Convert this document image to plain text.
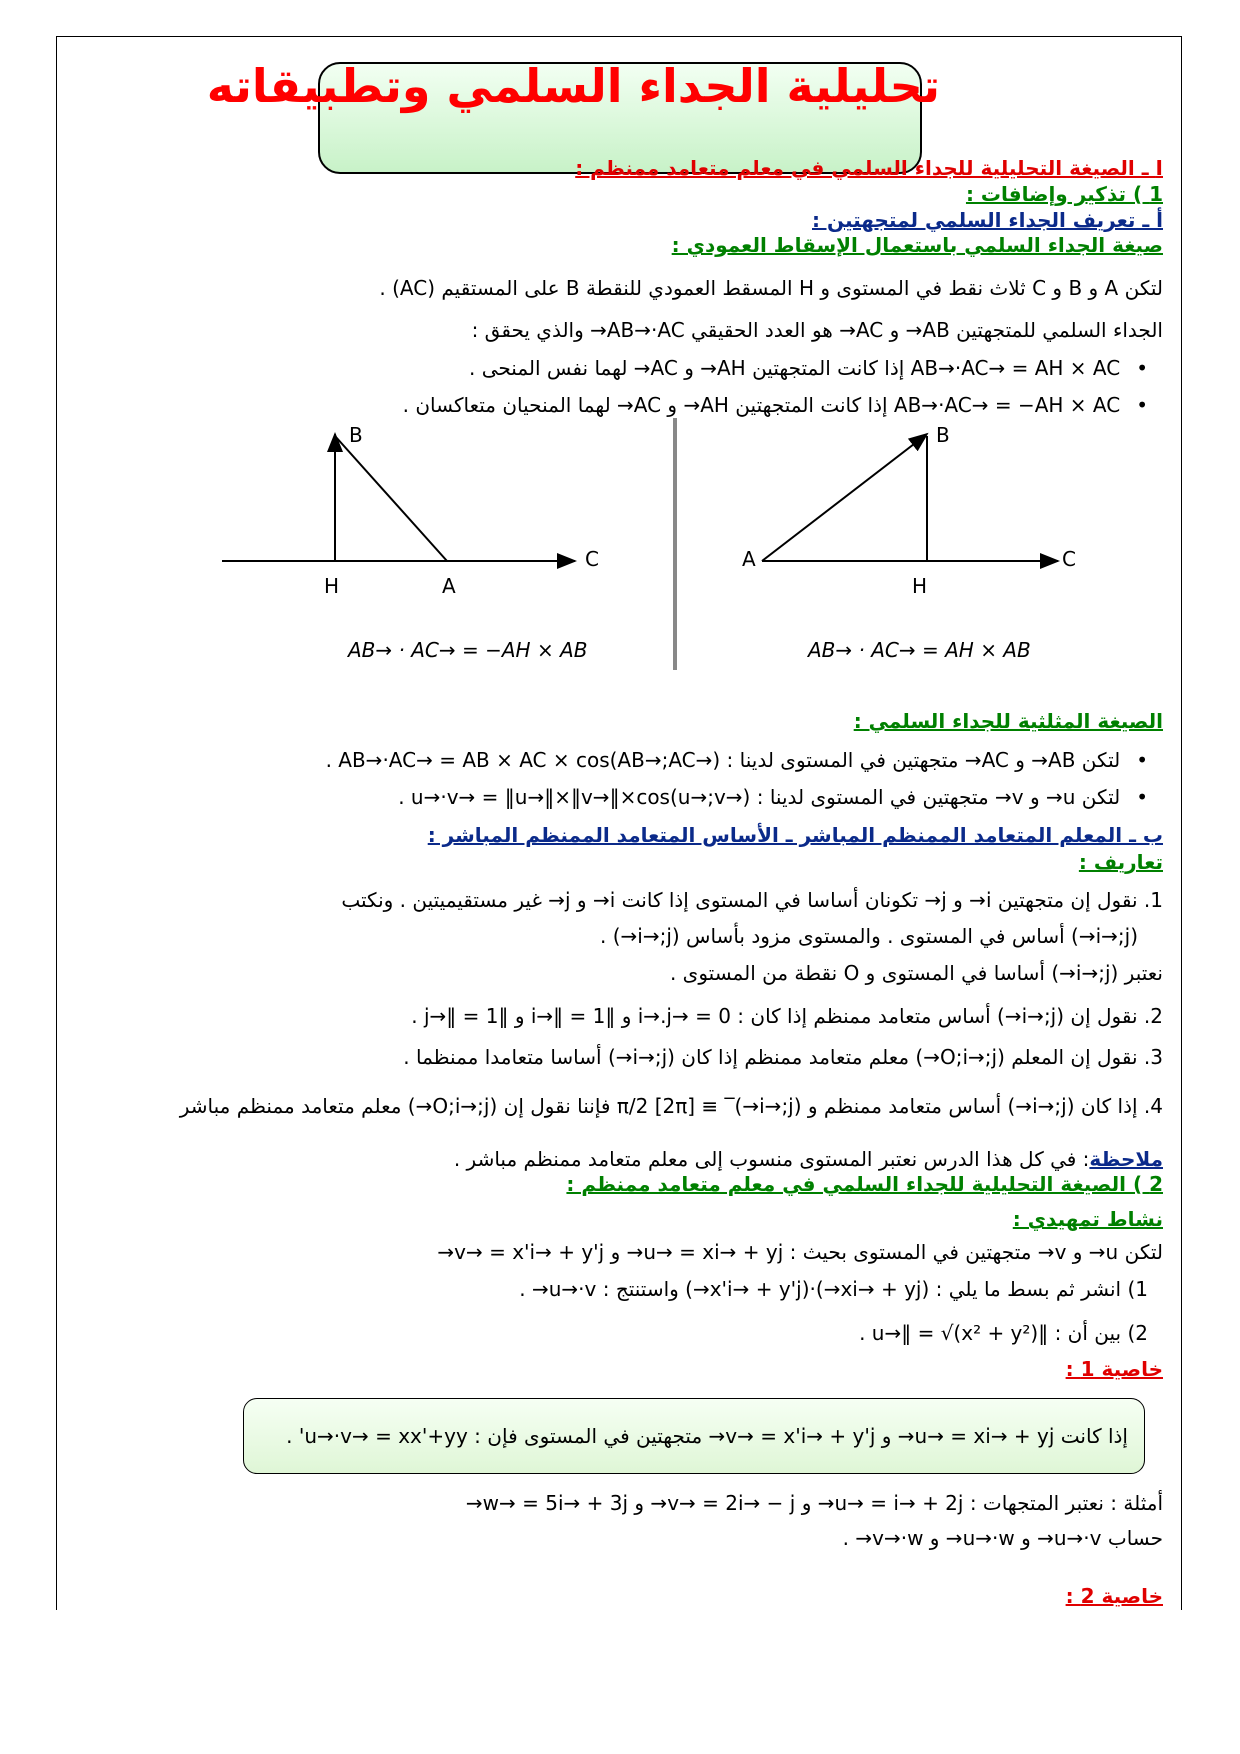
تحليلية الجداء السلمي وتطبيقاته
I ـ الصيغة التحليلية للجداء السلمي في معلم متعامد ممنظم :
1 ) تذكير وإضافات :
أ ـ تعريف الجداء السلمي لمتجهتين :
صيغة الجداء السلمي باستعمال الإسقاط العمودي :
لتكن A و B و C ثلاث نقط في المستوى و H المسقط العمودي للنقطة B على المستقيم (AC) .
الجداء السلمي للمتجهتين AB→ و AC→ هو العدد الحقيقي AB→·AC→ والذي يحقق :
•AB→·AC→ = AH × AC إذا كانت المتجهتين AH→ و AC→ لهما نفس المنحى .
•AB→·AC→ = −AH × AC إذا كانت المتجهتين AH→ و AC→ لهما المنحيان متعاكسان .
B
H	A
C
AB→ · AC→ = −AH × AB
B
A
H
C
AB→ · AC→ = AH × AB
الصيغة المثلثية للجداء السلمي :
•لتكن AB→ و AC→ متجهتين في المستوى لدينا : AB→·AC→ = AB × AC × cos(AB→;AC→) .
•لتكن u→ و v→ متجهتين في المستوى لدينا : u→·v→ = ‖u→‖×‖v→‖×cos(u→;v→) .
ب ـ المعلم المتعامد الممنظم المباشر ـ الأساس المتعامد الممنظم المباشر :
تعاريف :
1. نقول إن متجهتين i→ و j→ تكونان أساسا في المستوى إذا كانت i→ و j→ غير مستقيميتين . ونكتب
(i→;j→) أساس في المستوى . والمستوى مزود بأساس (i→;j→) .
نعتبر (i→;j→) أساسا في المستوى و O نقطة من المستوى .
2. نقول إن (i→;j→) أساس متعامد ممنظم إذا كان : i→.j→ = 0 و ‖i→‖ = 1 و ‖j→‖ = 1 .
3. نقول إن المعلم (O;i→;j→) معلم متعامد ممنظم إذا كان (i→;j→) أساسا متعامدا ممنظما .
4. إذا كان (i→;j→) أساس متعامد ممنظم و (i→;j→)‾ ≡ π/2 [2π] فإننا نقول إن (O;i→;j→) معلم متعامد ممنظم مباشر
ملاحظة: في كل هذا الدرس نعتبر المستوى منسوب إلى معلم متعامد ممنظم مباشر .
2 ) الصيغة التحليلية للجداء السلمي في معلم متعامد ممنظم :
نشاط تمهيدي :
لتكن u→ و v→ متجهتين في المستوى بحيث : u→ = xi→ + yj→ و v→ = x'i→ + y'j→
1) انشر ثم بسط ما يلي : (xi→ + yj→)·(x'i→ + y'j→) واستنتج : u→·v→ .
2) بين أن : ‖u→‖ = √(x² + y²) .
خاصية 1 :
إذا كانت u→ = xi→ + yj→ و v→ = x'i→ + y'j→ متجهتين في المستوى فإن : u→·v→ = xx'+yy' .
أمثلة : نعتبر المتجهات : u→ = i→ + 2j→ و v→ = 2i→ − j→ و w→ = 5i→ + 3j→
حساب u→·v→ و u→·w→ و v→·w→ .
خاصية 2 :
